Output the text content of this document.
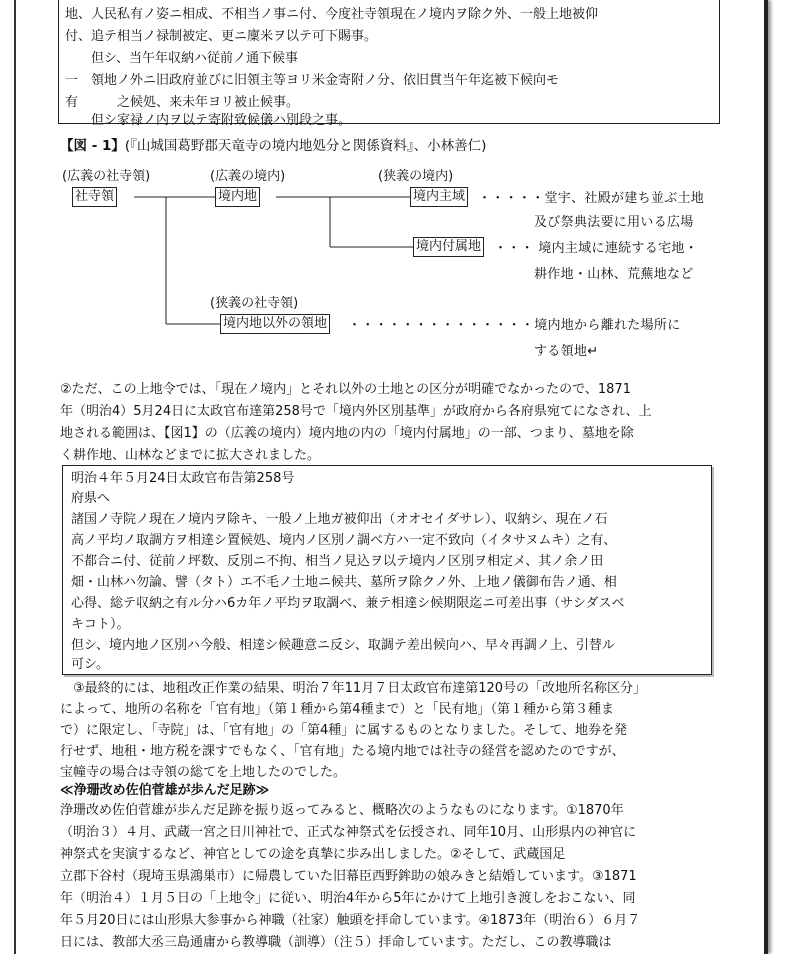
地、人民私有ノ姿ニ相成、不相当ノ事ニ付、今度社寺領現在ノ境内ヲ除ク外、一般上地被仰
付、追テ相当ノ禄制被定、更ニ廩米ヲ以テ可下賜事。
但シ、当午年収納ハ従前ノ通下候事
一　領地ノ外ニ旧政府並びに旧領主等ヨリ米金寄附ノ分、依旧貫当午年迄被下候向モ
有　　　之候処、来未年ヨリ被止候事。
但シ家禄ノ内ヲ以テ寄附致候儀ハ別段之事。
【図 - 1】(『山城国葛野郡天竜寺の境内地処分と関係資料』、小林善仁)
(広義の社寺領)	(広義の境内)	(狭義の境内)
(狭義の社寺領)
社寺領	境内地	境内主域
境内付属地
境内地以外の領地
・・・・・堂宇、社殿が建ち並ぶ土地
及び祭典法要に用いる広場
・・・ 境内主域に連続する宅地・
耕作地・山林、荒蕪地など
・・・・・・・・・・・・・・境内地から離れた場所に
する領地↵
②ただ、この上地令では、「現在ノ境内」とそれ以外の土地との区分が明確でなかったので、1871
年（明治4）5月24日に太政官布達第258号で「境内外区別基準」が政府から各府県宛てになされ、上
地される範囲は、【図1】の（広義の境内）境内地の内の「境内付属地」の一部、つまり、墓地を除
く耕作地、山林などまでに拡大されました。
明治４年５月24日太政官布告第258号
府県へ
諸国ノ寺院ノ現在ノ境内ヲ除キ、一般ノ上地ガ被仰出（オオセイダサレ）、収納シ、現在ノ石
高ノ平均ノ取調方ヲ相達シ置候処、境内ノ区別ノ調ベ方ハ一定不致向（イタサヌムキ）之有、
不都合ニ付、従前ノ坪数、反別ニ不拘、相当ノ見込ヲ以テ境内ノ区別ヲ相定メ、其ノ余ノ田
畑・山林ハ勿論、譬（タト）エ不毛ノ土地ニ候共、墓所ヲ除クノ外、上地ノ儀御布告ノ通、相
心得、総テ収納之有ル分ハ6カ年ノ平均ヲ取調ベ、兼テ相達シ候期限迄ニ可差出事（サシダスベ
キコト）。
但シ、境内地ノ区別ハ今般、相達シ候趣意ニ反シ、取調テ差出候向ハ、早々再調ノ上、引替ル
可シ。
　③最終的には、地租改正作業の結果、明治７年11月７日太政官布達第120号の「改地所名称区分」
によって、地所の名称を「官有地」（第１種から第4種まで）と「民有地」（第１種から第３種ま
で）に限定し、「寺院」は、「官有地」の「第4種」に属するものとなりました。そして、地券を発
行せず、地租・地方税を課すでもなく、「官有地」たる境内地では社寺の経営を認めたのですが、
宝幢寺の場合は寺領の総てを上地したのでした。
≪浄珊改め佐伯菅雄が歩んだ足跡≫
浄珊改め佐伯菅雄が歩んだ足跡を振り返ってみると、概略次のようなものになります。①1870年
（明治３）４月、武蔵一宮之日川神社で、正式な神祭式を伝授され、同年10月、山形県内の神官に
神祭式を実演するなど、神官としての途を真摯に歩み出しました。②そして、武蔵国足
立郡下谷村（現埼玉県鴻巣市）に帰農していた旧幕臣西野鉾助の娘みきと結婚しています。③1871
年（明治４）１月５日の「上地令」に従い、明治4年から5年にかけて上地引き渡しをおこない、同
年５月20日には山形県大参事から神職（社家）触頭を拝命しています。④1873年（明治６）６月７
日には、教部大丞三島通庸から教導職（訓導）（注５）拝命しています。ただし、この教導職は
